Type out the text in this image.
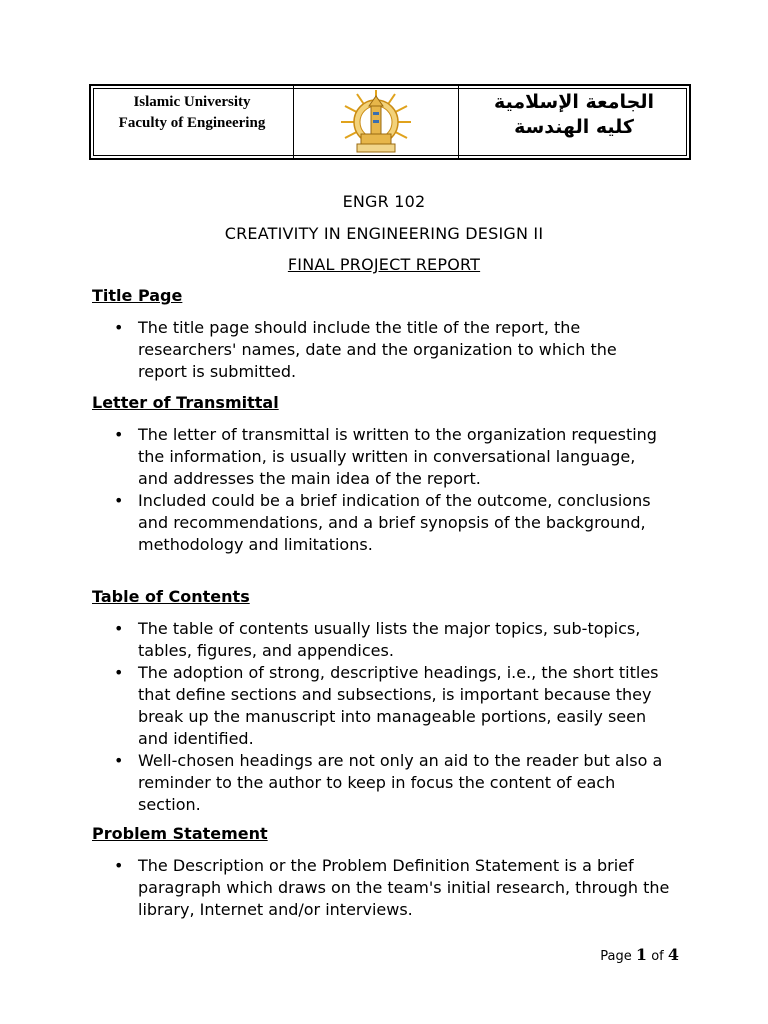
Islamic University
Faculty of Engineering
الجامعة الإسلامية
كليه الهندسة
ENGR 102
CREATIVITY IN ENGINEERING DESIGN II
FINAL PROJECT REPORT
Title Page
• The title page should include the title of the report, the researchers' names, date and the organization to which the report is submitted.
Letter of Transmittal
• The letter of transmittal is written to the organization requesting the information, is usually written in conversational language, and addresses the main idea of the report.
• Included could be a brief indication of the outcome, conclusions and recommendations, and a brief synopsis of the background, methodology and limitations.
Table of Contents
• The table of contents usually lists the major topics, sub-topics, tables, figures, and appendices.
• The adoption of strong, descriptive headings, i.e., the short titles that define sections and subsections, is important because they break up the manuscript into manageable portions, easily seen and identified.
• Well-chosen headings are not only an aid to the reader but also a reminder to the author to keep in focus the content of each section.
Problem Statement
• The Description or the Problem Definition Statement is a brief paragraph which draws on the team's initial research, through the library, Internet and/or interviews.
Page 1 of 4
